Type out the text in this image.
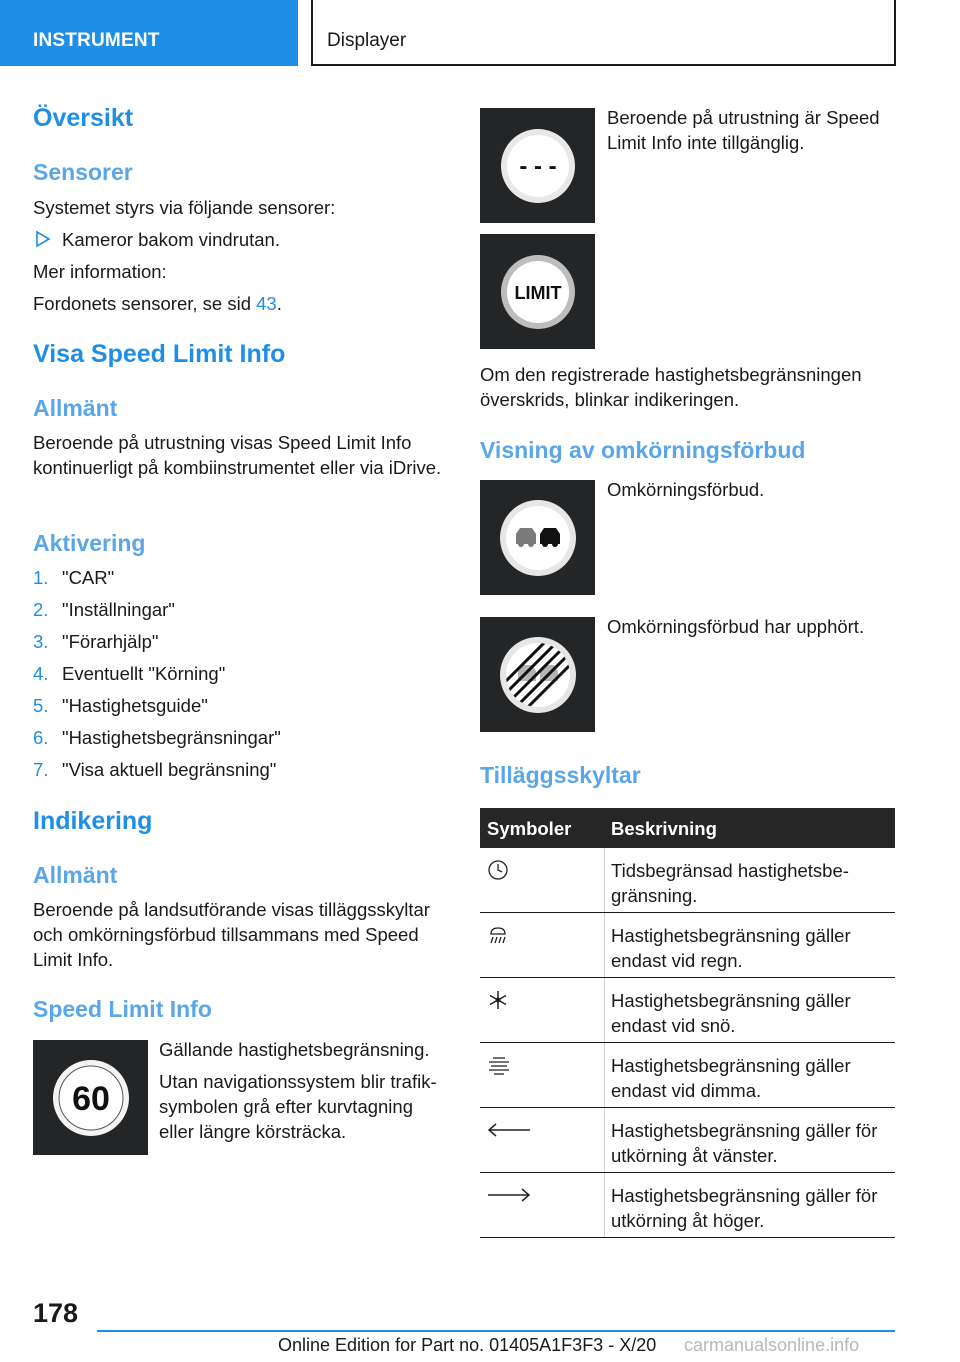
INSTRUMENT	Displayer
Översikt
Sensorer
Systemet styrs via följande sensorer:
Kameror bakom vindrutan.
Mer information:
Fordonets sensorer, se sid 43.
Visa Speed Limit Info
Allmänt
Beroende på utrustning visas Speed Limit Info kontinuerligt på kombiinstrumentet eller via iDrive.
Aktivering
1. "CAR"
2. "Inställningar"
3. "Förarhjälp"
4. Eventuellt "Körning"
5. "Hastighetsguide"
6. "Hastighetsbegränsningar"
7. "Visa aktuell begränsning"
Indikering
Allmänt
Beroende på landsutförande visas tilläggsskyltar och omkörningsförbud tillsammans med Speed Limit Info.
Speed Limit Info
60
Gällande hastighetsbegränsning.
Utan navigationssystem blir trafik-symbolen grå efter kurvtagning eller längre körsträcka.
- - -
Beroende på utrustning är Speed Limit Info inte tillgänglig.
LIMIT
Om den registrerade hastighetsbegränsningen överskrids, blinkar indikeringen.
Visning av omkörningsförbud
Omkörningsförbud.
Omkörningsförbud har upphört.
Tilläggsskyltar
Symboler Beskrivning
Tidsbegränsad hastighetsbe-gränsning.
Hastighetsbegränsning gäller endast vid regn.
Hastighetsbegränsning gäller endast vid snö.
Hastighetsbegränsning gäller endast vid dimma.
Hastighetsbegränsning gäller för utkörning åt vänster.
Hastighetsbegränsning gäller för utkörning åt höger.
178
Online Edition for Part no. 01405A1F3F3 - X/20 carmanualsonline.info
